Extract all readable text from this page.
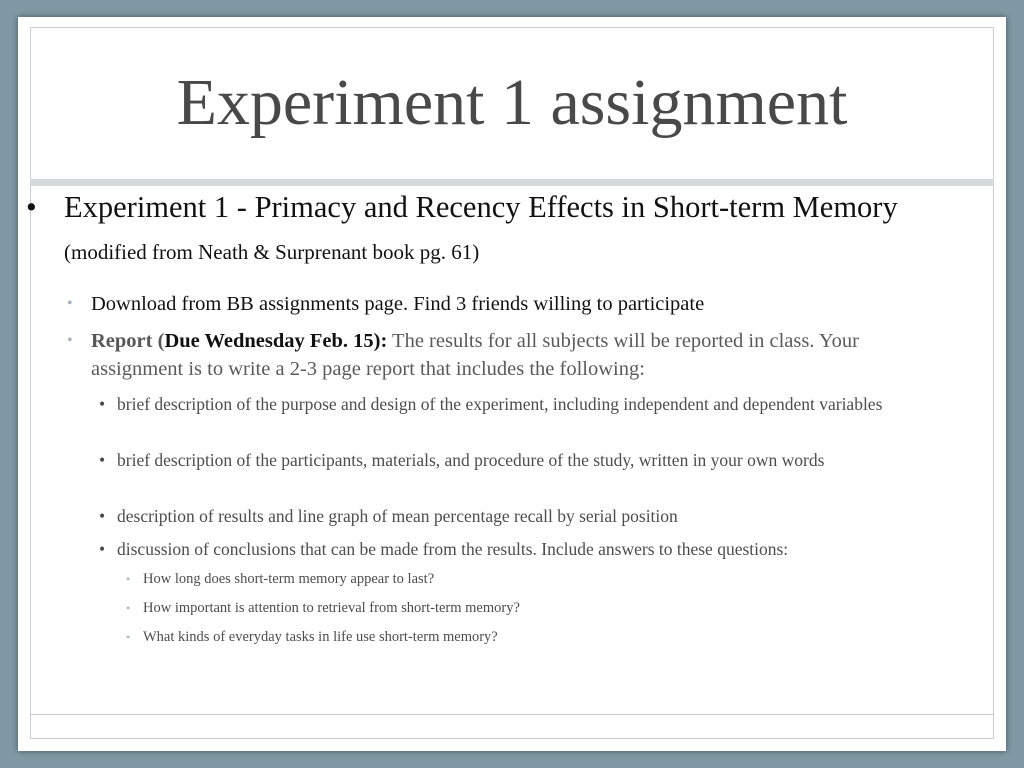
Experiment 1 assignment

• Experiment 1 - Primacy and Recency Effects in Short-term Memory (modified from Neath & Surprenant book pg. 61)

• Download from BB assignments page. Find 3 friends willing to participate

• Report (Due Wednesday Feb. 15): The results for all subjects will be reported in class. Your assignment is to write a 2-3 page report that includes the following:

• brief description of the purpose and design of the experiment, including independent and dependent variables

• brief description of the participants, materials, and procedure of the study, written in your own words

• description of results and line graph of mean percentage recall by serial position

• discussion of conclusions that can be made from the results. Include answers to these questions:

• How long does short-term memory appear to last?

• How important is attention to retrieval from short-term memory?

• What kinds of everyday tasks in life use short-term memory?
